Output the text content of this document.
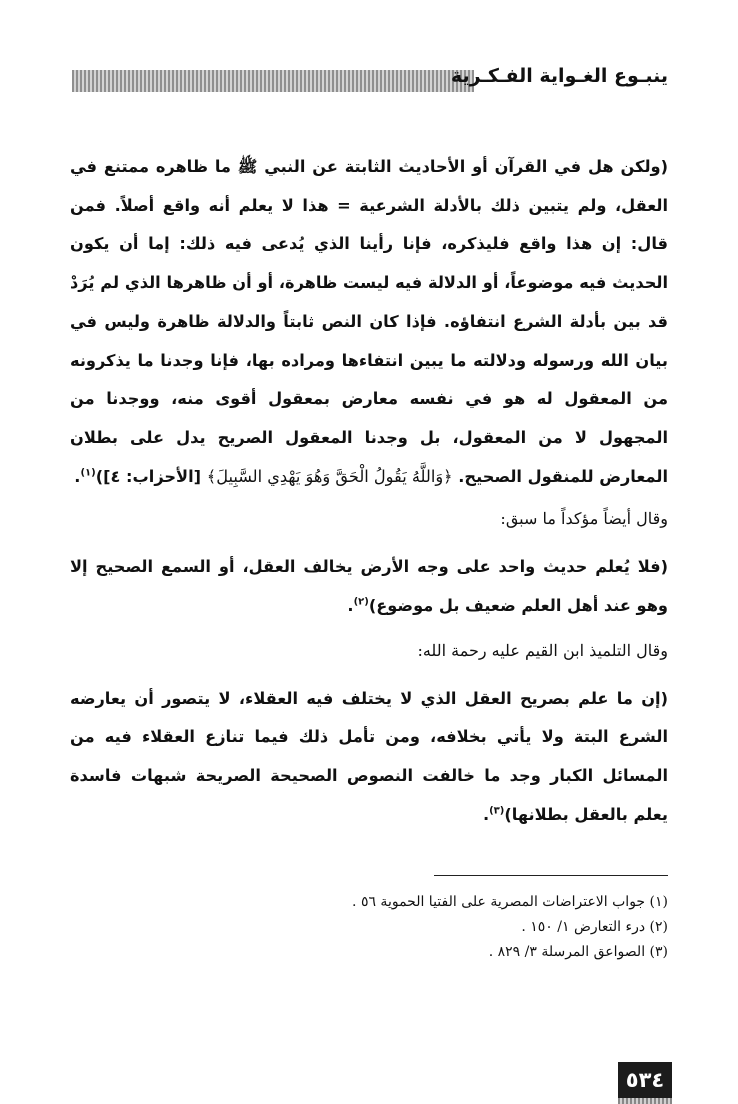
ينبـوع الغـواية الفـكـرية

(ولكن هل في القرآن أو الأحاديث الثابتة عن النبي ﷺ ما ظاهره ممتنع في العقل، ولم يتبين ذلك بالأدلة الشرعية = هذا لا يعلم أنه واقع أصلاً. فمن قال: إن هذا واقع فليذكره، فإنا رأينا الذي يُدعى فيه ذلك: إما أن يكون الحديث فيه موضوعاً، أو الدلالة فيه ليست ظاهرة، أو أن ظاهرها الذي لم يُرَدْ قد بين بأدلة الشرع انتفاؤه. فإذا كان النص ثابتاً والدلالة ظاهرة وليس في بيان الله ورسوله ودلالته ما يبين انتفاءها ومراده بها، فإنا وجدنا ما يذكرونه من المعقول له هو في نفسه معارض بمعقول أقوى منه، ووجدنا من المجهول لا من المعقول، بل وجدنا المعقول الصريح يدل على بطلان المعارض للمنقول الصحيح. ﴿وَاللَّهُ يَقُولُ الْحَقَّ وَهُوَ يَهْدِي السَّبِيلَ﴾ [الأحزاب: ٤])$^{(١)}$.

وقال أيضاً مؤكداً ما سبق:

(فلا يُعلم حديث واحد على وجه الأرض يخالف العقل، أو السمع الصحيح إلا وهو عند أهل العلم ضعيف بل موضوع)$^{(٢)}$.

وقال التلميذ ابن القيم عليه رحمة الله:

(إن ما علم بصريح العقل الذي لا يختلف فيه العقلاء، لا يتصور أن يعارضه الشرع البتة ولا يأتي بخلافه، ومن تأمل ذلك فيما تنازع العقلاء فيه من المسائل الكبار وجد ما خالفت النصوص الصحيحة الصريحة شبهات فاسدة يعلم بالعقل بطلانها)$^{(٣)}$.

(١) جواب الاعتراضات المصرية على الفتيا الحموية ٥٦ .
(٢) درء التعارض ١/ ١٥٠ .
(٣) الصواعق المرسلة ٣/ ٨٢٩ .
٥٣٤
